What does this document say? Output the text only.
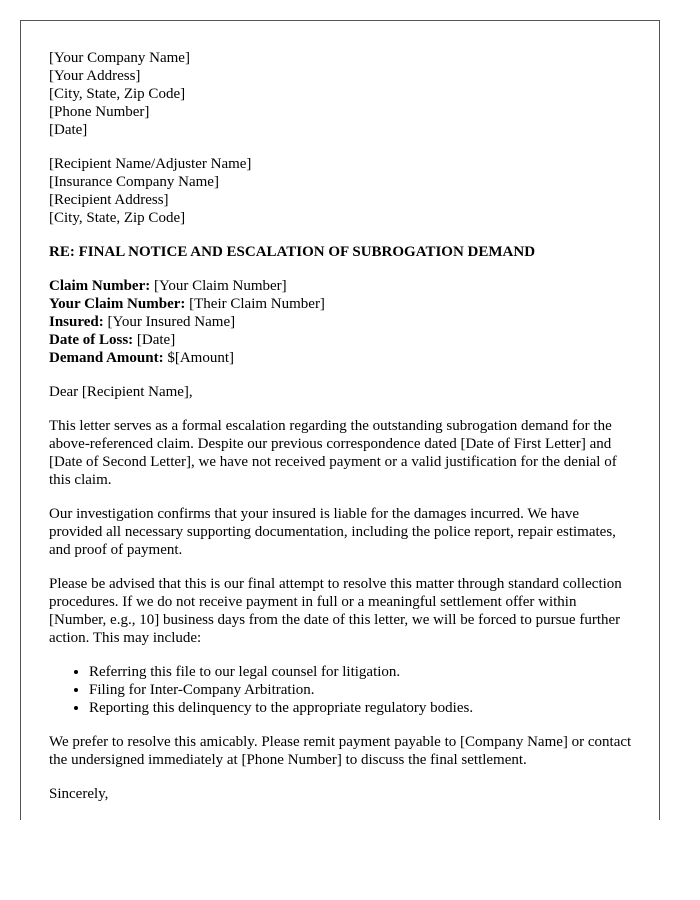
[Your Company Name]
[Your Address]
[City, State, Zip Code]
[Phone Number]
[Date]
[Recipient Name/Adjuster Name]
[Insurance Company Name]
[Recipient Address]
[City, State, Zip Code]
RE: FINAL NOTICE AND ESCALATION OF SUBROGATION DEMAND
Claim Number: [Your Claim Number]
Your Claim Number: [Their Claim Number]
Insured: [Your Insured Name]
Date of Loss: [Date]
Demand Amount: $[Amount]

Dear [Recipient Name],

This letter serves as a formal escalation regarding the outstanding subrogation demand for the above-referenced claim. Despite our previous correspondence dated [Date of First Letter] and [Date of Second Letter], we have not received payment or a valid justification for the denial of this claim.

Our investigation confirms that your insured is liable for the damages incurred. We have provided all necessary supporting documentation, including the police report, repair estimates, and proof of payment.

Please be advised that this is our final attempt to resolve this matter through standard collection procedures. If we do not receive payment in full or a meaningful settlement offer within [Number, e.g., 10] business days from the date of this letter, we will be forced to pursue further action. This may include:

• Referring this file to our legal counsel for litigation.
• Filing for Inter-Company Arbitration.
• Reporting this delinquency to the appropriate regulatory bodies.

We prefer to resolve this amicably. Please remit payment payable to [Company Name] or contact the undersigned immediately at [Phone Number] to discuss the final settlement.

Sincerely,
